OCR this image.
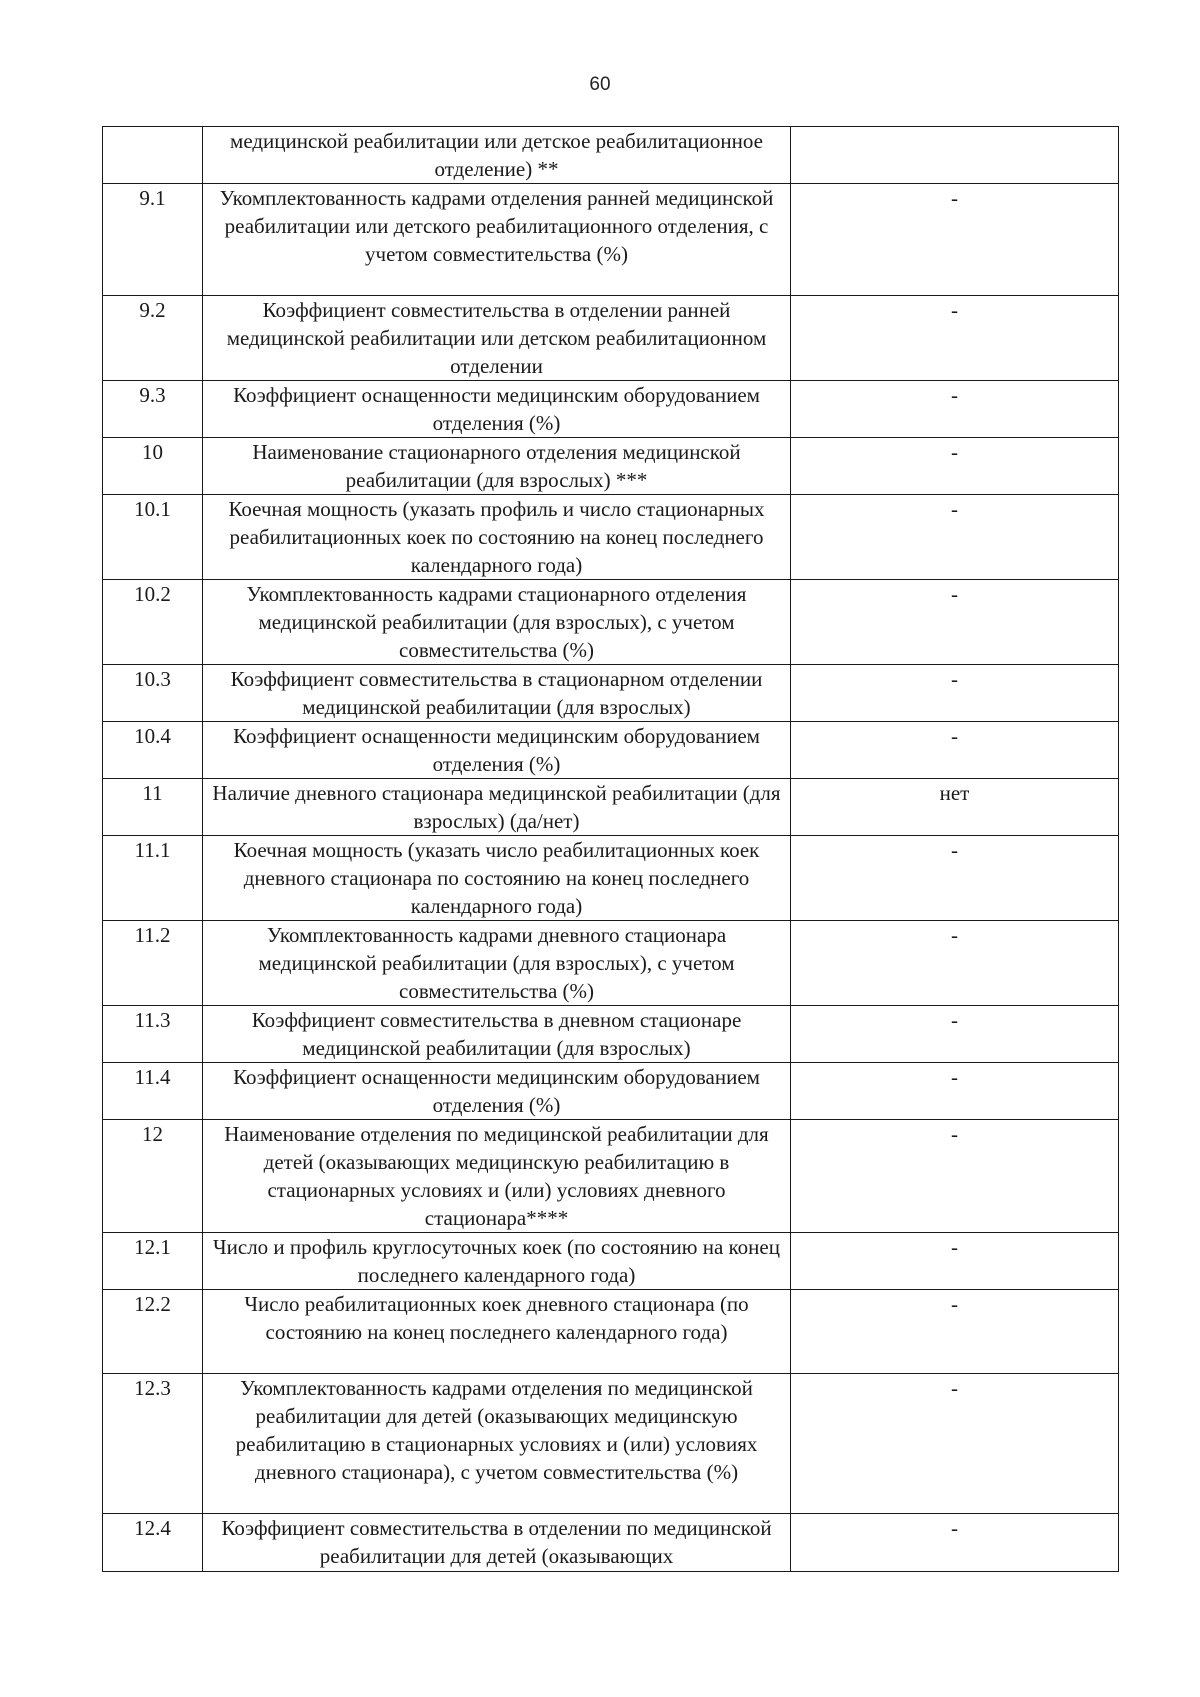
60
	медицинской реабилитации или детское реабилитационное отделение) **	
9.1	Укомплектованность кадрами отделения ранней медицинской реабилитации или детского реабилитационного отделения, с учетом совместительства (%)	-
9.2	Коэффициент совместительства в отделении ранней медицинской реабилитации или детском реабилитационном отделении	-
9.3	Коэффициент оснащенности медицинским оборудованием отделения (%)	-
10	Наименование стационарного отделения медицинской реабилитации (для взрослых) ***	-
10.1	Коечная мощность (указать профиль и число стационарных реабилитационных коек по состоянию на конец последнего календарного года)	-
10.2	Укомплектованность кадрами стационарного отделения медицинской реабилитации (для взрослых), с учетом совместительства (%)	-
10.3	Коэффициент совместительства в стационарном отделении медицинской реабилитации (для взрослых)	-
10.4	Коэффициент оснащенности медицинским оборудованием отделения (%)	-
11	Наличие дневного стационара медицинской реабилитации (для взрослых) (да/нет)	нет
11.1	Коечная мощность (указать число реабилитационных коек дневного стационара по состоянию на конец последнего календарного года)	-
11.2	Укомплектованность кадрами дневного стационара медицинской реабилитации (для взрослых), с учетом совместительства (%)	-
11.3	Коэффициент совместительства в дневном стационаре медицинской реабилитации (для взрослых)	-
11.4	Коэффициент оснащенности медицинским оборудованием отделения (%)	-
12	Наименование отделения по медицинской реабилитации для детей (оказывающих медицинскую реабилитацию в стационарных условиях и (или) условиях дневного стационара****	-
12.1	Число и профиль круглосуточных коек (по состоянию на конец последнего календарного года)	-
12.2	Число реабилитационных коек дневного стационара (по состоянию на конец последнего календарного года)	-
12.3	Укомплектованность кадрами отделения по медицинской реабилитации для детей (оказывающих медицинскую реабилитацию в стационарных условиях и (или) условиях дневного стационара), с учетом совместительства (%)	-
12.4	Коэффициент совместительства в отделении по медицинской реабилитации для детей (оказывающих	-
